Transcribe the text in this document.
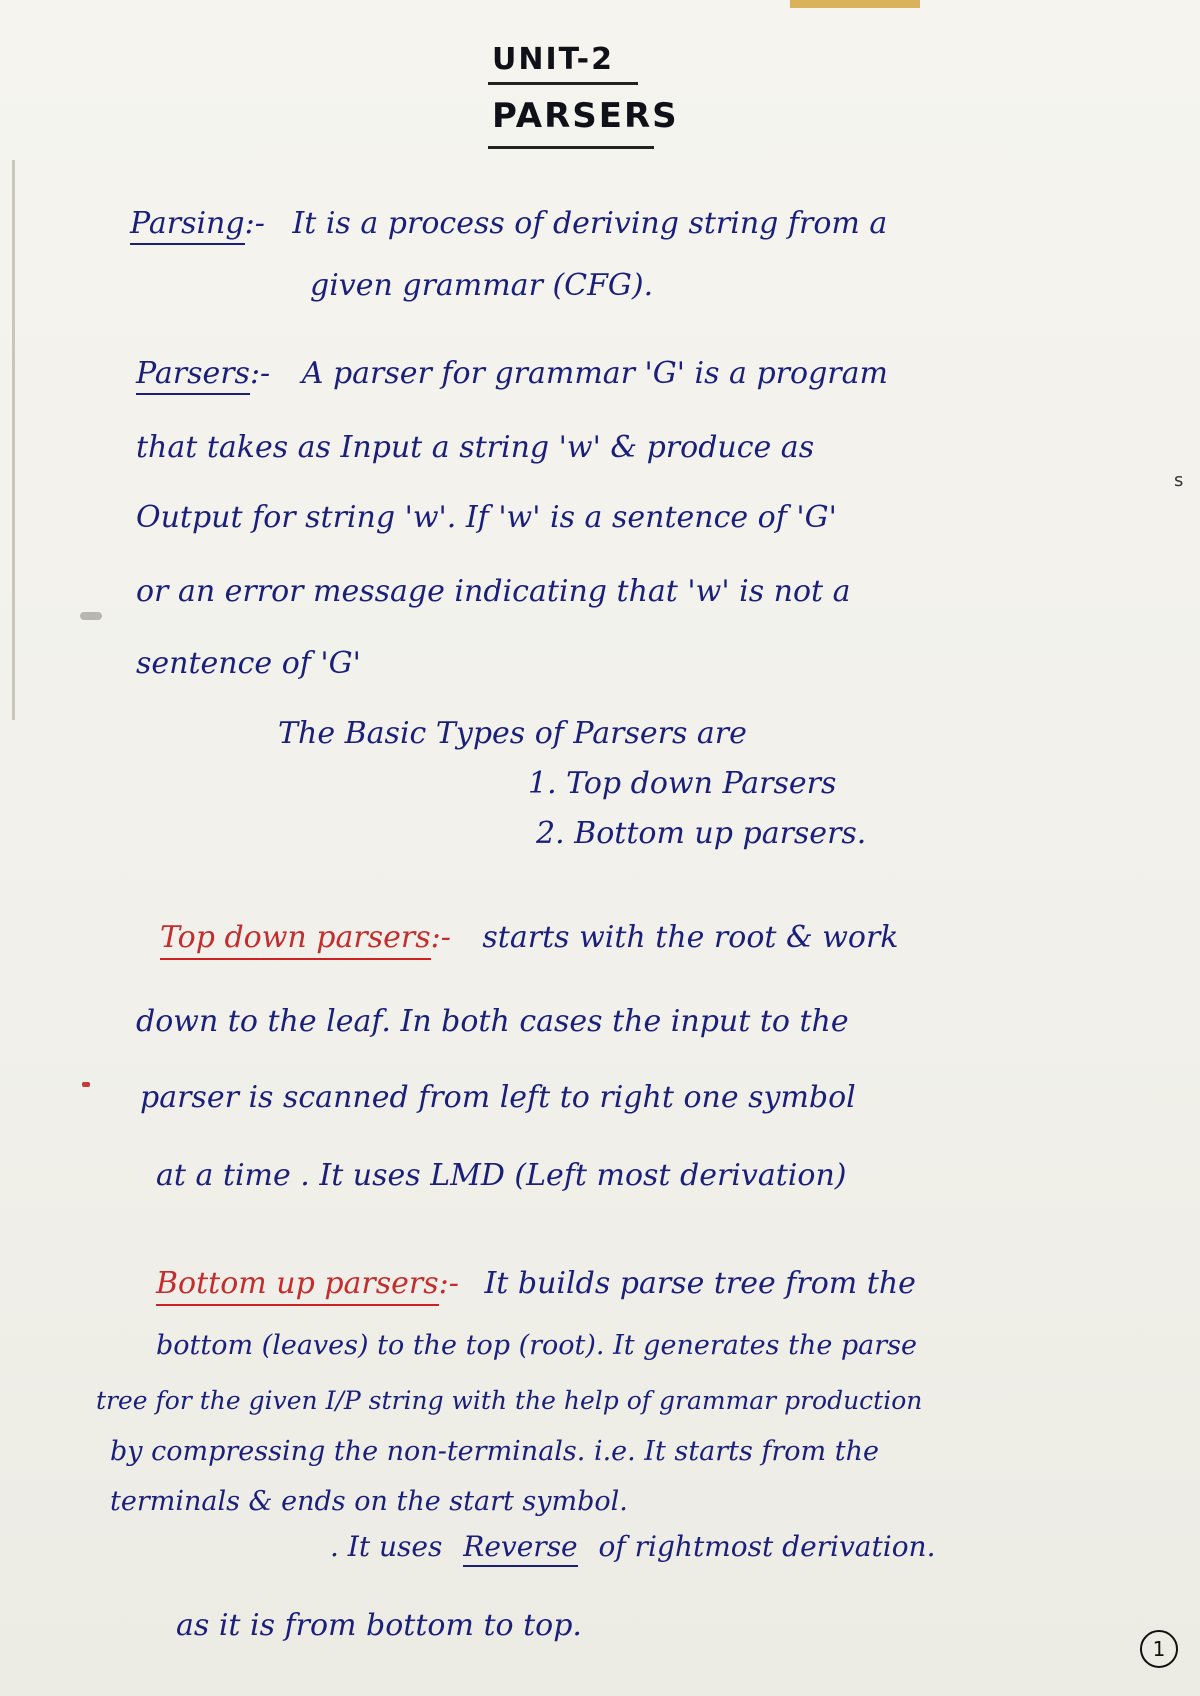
UNIT-2
PARSERS
Parsing:- It is a process of deriving string from a
given grammar (CFG).
Parsers:- A parser for grammar 'G' is a program
that takes as Input a string 'w' & produce as
Output for string 'w'. If 'w' is a sentence of 'G'
or an error message indicating that 'w' is not a
sentence of 'G'
The Basic Types of Parsers are
1. Top down Parsers
2. Bottom up parsers.
Top down parsers:- starts with the root & work
down to the leaf. In both cases the input to the
parser is scanned from left to right one symbol
at a time . It uses LMD (Left most derivation)
Bottom up parsers:- It builds parse tree from the
bottom (leaves) to the top (root). It generates the parse
tree for the given I/P string with the help of grammar production
by compressing the non-terminals. i.e. It starts from the
terminals & ends on the start symbol.
. It uses Reverse of rightmost derivation.
as it is from bottom to top.
s
1
